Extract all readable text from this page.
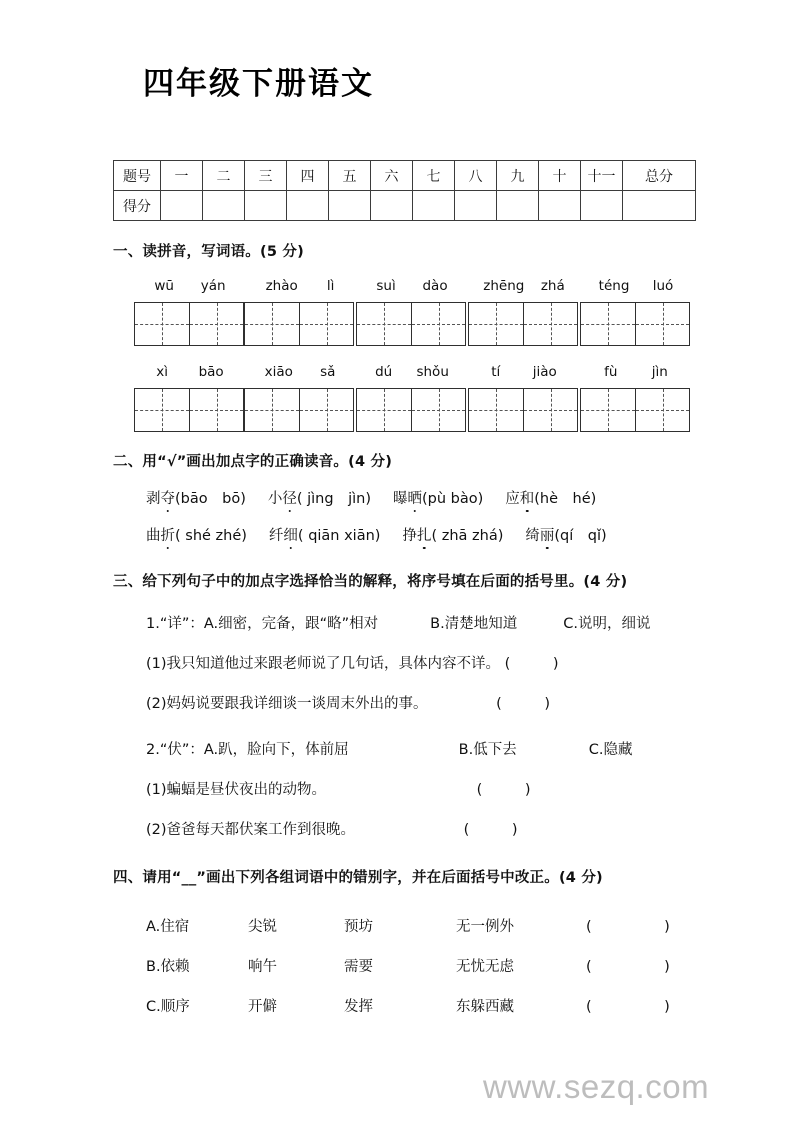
四年级下册语文
题号	一	二	三	四	五	六	七	八	九	十	十一	总分
得分												
一、读拼音，写词语。(5 分)
wū yán	zhào lì	suì dào	zhēng zhá	téng luó
xì bāo	xiāo sǎ	dú shǒu	tí jiào	fù	jìn
二、用“√”画出加点字的正确读音。(4 分)
剥夺(bāo　bō) 小径( jìng　jìn) 曝晒(pù bào) 应和(hè　hé)
曲折( shé zhé) 纤细( qiān xiān) 挣扎( zhā zhá) 绮丽(qí　qǐ)
三、给下列句子中的加点字选择恰当的解释，将序号填在后面的括号里。(4 分)
1.“详”：A.细密，完备，跟“略”相对	B.清楚地知道	C.说明，细说
(1)我只知道他过来跟老师说了几句话，具体内容不详。 (	)
(2)妈妈说要跟我详细谈一谈周末外出的事。	(	)
2.“伏”：A.趴，脸向下，体前屈	B.低下去	C.隐藏
(1)蝙蝠是昼伏夜出的动物。	(	)
(2)爸爸每天都伏案工作到很晚。	(	)
四、请用“__”画出下列各组词语中的错别字，并在后面括号中改正。(4 分)
A.住宿	尖锐	预坊	无一例外	(	)
B.依赖	响午	需要	无忧无虑	(	)
C.顺序	开僻	发挥	东躲西藏	(	)
www.sezq.com
